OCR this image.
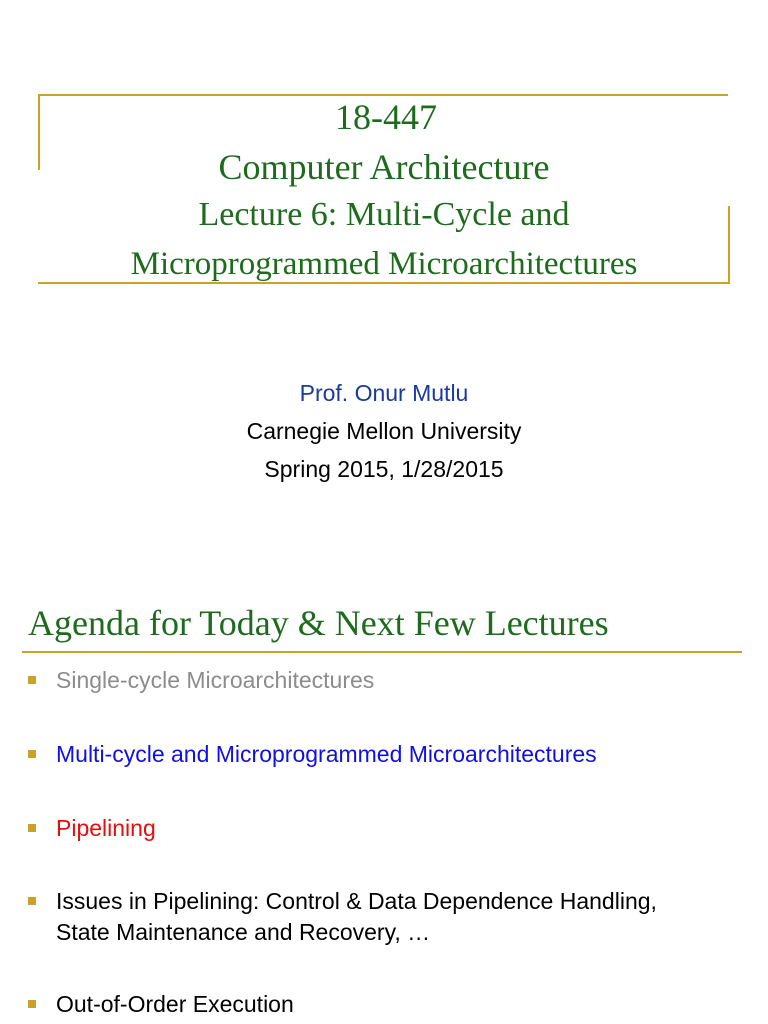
18-447
Computer Architecture
Lecture 6: Multi-Cycle and
Microprogrammed Microarchitectures
Prof. Onur Mutlu
Carnegie Mellon University
Spring 2015, 1/28/2015
Agenda for Today & Next Few Lectures
Single-cycle Microarchitectures
Multi-cycle and Microprogrammed Microarchitectures
Pipelining
Issues in Pipelining: Control & Data Dependence Handling,
State Maintenance and Recovery, …
Out-of-Order Execution
